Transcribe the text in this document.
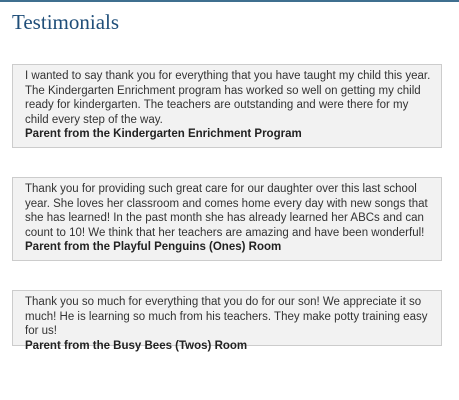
Testimonials

I wanted to say thank you for everything that you have taught my child this year. The Kindergarten Enrichment program has worked so well on getting my child ready for kindergarten. The teachers are outstanding and were there for my child every step of the way.

Parent from the Kindergarten Enrichment Program

Thank you for providing such great care for our daughter over this last school year. She loves her classroom and comes home every day with new songs that she has learned! In the past month she has already learned her ABCs and can count to 10! We think that her teachers are amazing and have been wonderful!

Parent from the Playful Penguins (Ones) Room

Thank you so much for everything that you do for our son! We appreciate it so much! He is learning so much from his teachers. They make potty training easy for us!

Parent from the Busy Bees (Twos) Room
